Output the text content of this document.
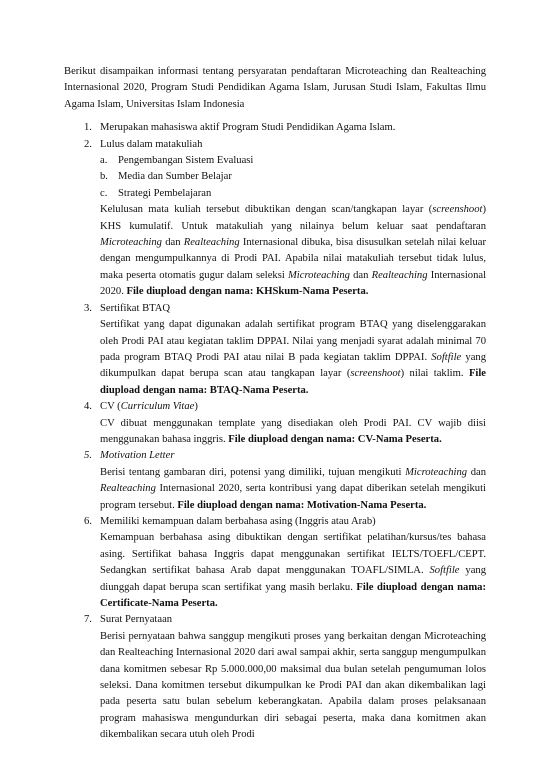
Berikut disampaikan informasi tentang persyaratan pendaftaran Microteaching dan Realteaching Internasional 2020, Program Studi Pendidikan Agama Islam, Jurusan Studi Islam, Fakultas Ilmu Agama Islam, Universitas Islam Indonesia

1. Merupakan mahasiswa aktif Program Studi Pendidikan Agama Islam.
2. Lulus dalam matakuliah
a. Pengembangan Sistem Evaluasi
b. Media dan Sumber Belajar
c. Strategi Pembelajaran
Kelulusan mata kuliah tersebut dibuktikan dengan scan/tangkapan layar (screenshoot) KHS kumulatif. Untuk matakuliah yang nilainya belum keluar saat pendaftaran Microteaching dan Realteaching Internasional dibuka, bisa disusulkan setelah nilai keluar dengan mengumpulkannya di Prodi PAI. Apabila nilai matakuliah tersebut tidak lulus, maka peserta otomatis gugur dalam seleksi Microteaching dan Realteaching Internasional 2020. File diupload dengan nama: KHSkum-Nama Peserta.
3. Sertifikat BTAQ
Sertifikat yang dapat digunakan adalah sertifikat program BTAQ yang diselenggarakan oleh Prodi PAI atau kegiatan taklim DPPAI. Nilai yang menjadi syarat adalah minimal 70 pada program BTAQ Prodi PAI atau nilai B pada kegiatan taklim DPPAI. Softfile yang dikumpulkan dapat berupa scan atau tangkapan layar (screenshoot) nilai taklim. File diupload dengan nama: BTAQ-Nama Peserta.
4. CV (Curriculum Vitae)
CV dibuat menggunakan template yang disediakan oleh Prodi PAI. CV wajib diisi menggunakan bahasa inggris. File diupload dengan nama: CV-Nama Peserta.
5. Motivation Letter
Berisi tentang gambaran diri, potensi yang dimiliki, tujuan mengikuti Microteaching dan Realteaching Internasional 2020, serta kontribusi yang dapat diberikan setelah mengikuti program tersebut. File diupload dengan nama: Motivation-Nama Peserta.
6. Memiliki kemampuan dalam berbahasa asing (Inggris atau Arab)
Kemampuan berbahasa asing dibuktikan dengan sertifikat pelatihan/kursus/tes bahasa asing. Sertifikat bahasa Inggris dapat menggunakan sertifikat IELTS/TOEFL/CEPT. Sedangkan sertifikat bahasa Arab dapat menggunakan TOAFL/SIMLA. Softfile yang diunggah dapat berupa scan sertifikat yang masih berlaku. File diupload dengan nama: Certificate-Nama Peserta.
7. Surat Pernyataan
Berisi pernyataan bahwa sanggup mengikuti proses yang berkaitan dengan Microteaching dan Realteaching Internasional 2020 dari awal sampai akhir, serta sanggup mengumpulkan dana komitmen sebesar Rp 5.000.000,00 maksimal dua bulan setelah pengumuman lolos seleksi. Dana komitmen tersebut dikumpulkan ke Prodi PAI dan akan dikembalikan lagi pada peserta satu bulan sebelum keberangkatan. Apabila dalam proses pelaksanaan program mahasiswa mengundurkan diri sebagai peserta, maka dana komitmen akan dikembalikan secara utuh oleh Prodi
